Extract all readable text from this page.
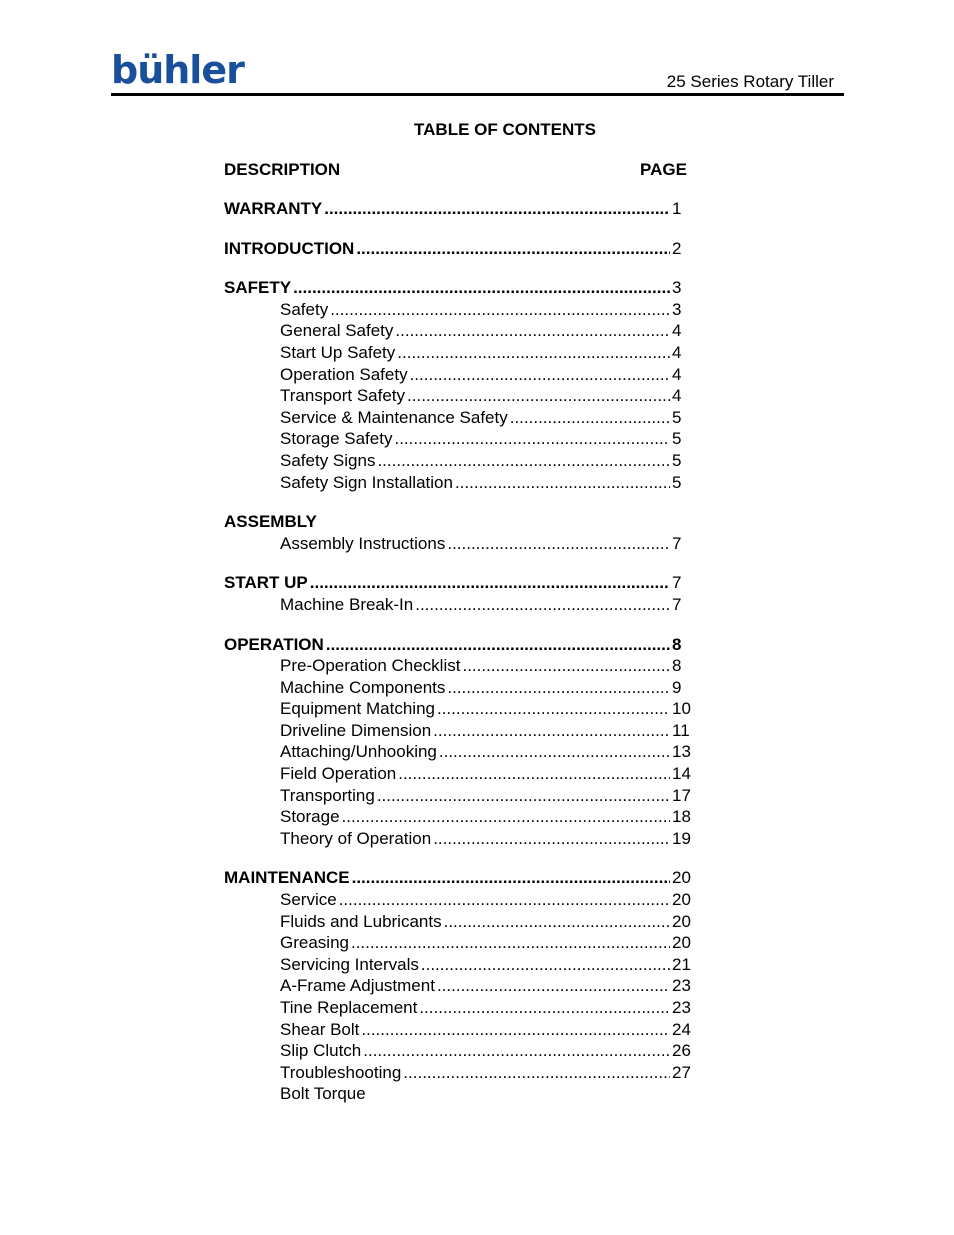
bühler	25 Series Rotary Tiller
TABLE OF CONTENTS
DESCRIPTION	PAGE
WARRANTY .....	1
INTRODUCTION .....	2
SAFETY .....	3
Safety .....	3
General Safety .....	4
Start Up Safety .....	4
Operation Safety .....	4
Transport Safety .....	4
Service & Maintenance Safety .....	5
Storage Safety .....	5
Safety Signs .....	5
Safety Sign Installation .....	5
ASSEMBLY
Assembly Instructions .....	7
START UP .....	7
Machine Break-In .....	7
OPERATION .....	8
Pre-Operation Checklist .....	8
Machine Components .....	9
Equipment Matching .....	10
Driveline Dimension .....	11
Attaching/Unhooking .....	13
Field Operation .....	14
Transporting .....	17
Storage .....	18
Theory of Operation .....	19
MAINTENANCE .....	20
Service .....	20
Fluids and Lubricants .....	20
Greasing .....	20
Servicing Intervals .....	21
A-Frame Adjustment .....	23
Tine Replacement .....	23
Shear Bolt .....	24
Slip Clutch .....	26
Troubleshooting .....	27
Bolt Torque
